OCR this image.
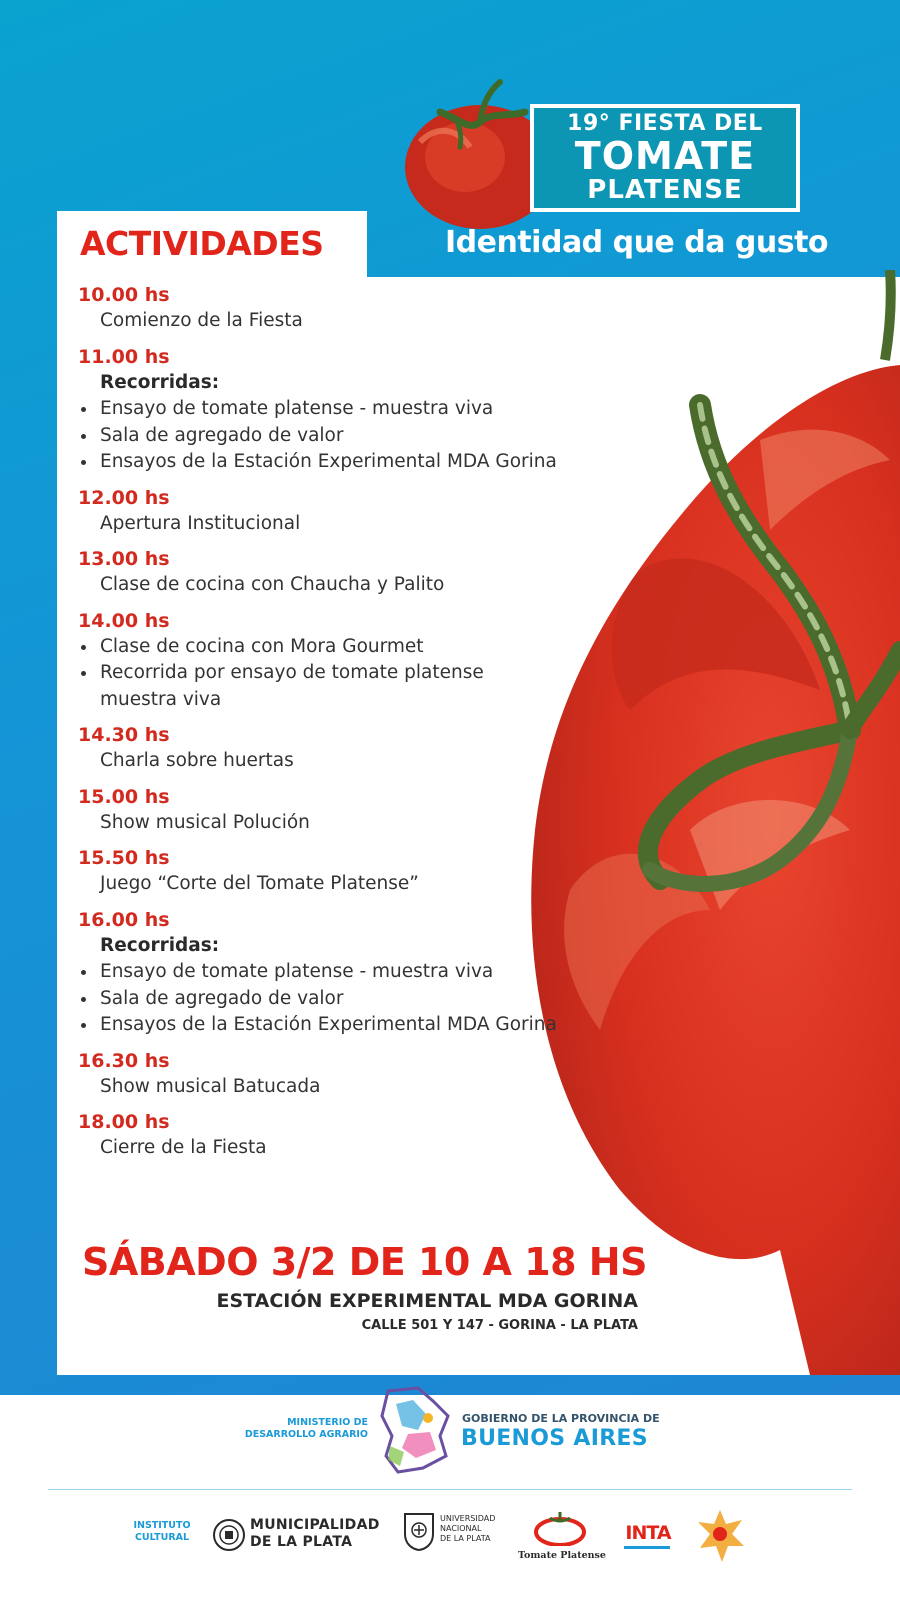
19° FIESTA DEL
TOMATE
PLATENSE
Identidad que da gusto
ACTIVIDADES
10.00 hs
Comienzo de la Fiesta
11.00 hs
Recorridas:
Ensayo de tomate platense - muestra viva
Sala de agregado de valor
Ensayos de la Estación Experimental MDA Gorina
12.00 hs
Apertura Institucional
13.00 hs
Clase de cocina con Chaucha y Palito
14.00 hs
Clase de cocina con Mora Gourmet
Recorrida por ensayo de tomate platense
muestra viva
14.30 hs
Charla sobre huertas
15.00 hs
Show musical Polución
15.50 hs
Juego “Corte del Tomate Platense”
16.00 hs
Recorridas:
Ensayo de tomate platense - muestra viva
Sala de agregado de valor
Ensayos de la Estación Experimental MDA Gorina
16.30 hs
Show musical Batucada
18.00 hs
Cierre de la Fiesta
SÁBADO 3/2 DE 10 A 18 HS
ESTACIÓN EXPERIMENTAL MDA GORINA
CALLE 501 Y 147 - GORINA - LA PLATA
MINISTERIO DE
DESARROLLO AGRARIO
GOBIERNO DE LA PROVINCIA DE
BUENOS AIRES
INSTITUTO
CULTURAL
MUNICIPALIDAD
DE LA PLATA
UNIVERSIDAD
NACIONAL
DE LA PLATA
Tomate Platense
INTA
